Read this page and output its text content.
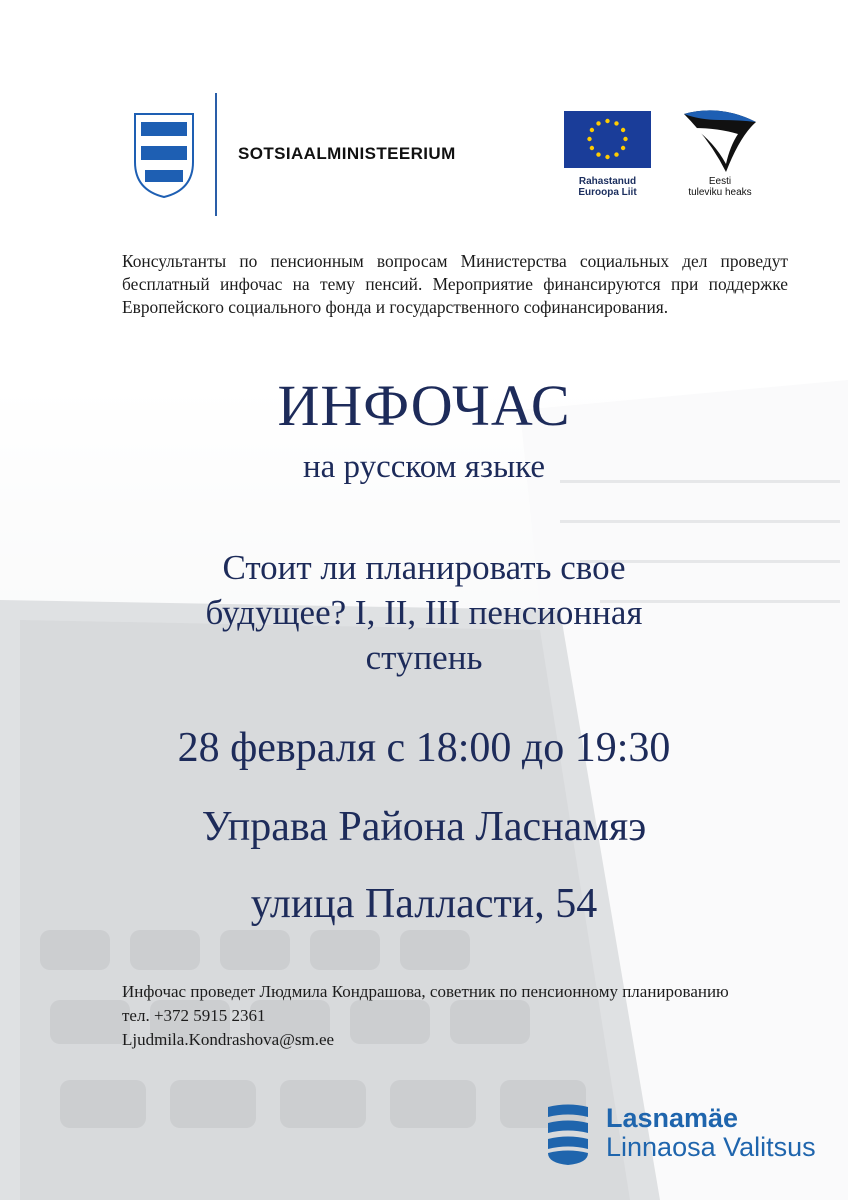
SOTSIAALMINISTEERIUM
Rahastanud
Euroopa Liit
Eesti
tuleviku heaks
Консультанты по пенсионным вопросам Министерства социальных дел проведут бесплатный инфочас на тему пенсий. Мероприятие финансируются при поддержке Европейского социального фонда и государственного софинансирования.
ИНФОЧАС
на русском языке
Стоит ли планировать свое
будущее? I, II, III пенсионная
ступень
28 февраля с 18:00 до 19:30
Управа Района Ласнамяэ
улица Палласти, 54
Инфочас проведет Людмила Кондрашова, советник по пенсионному планированию
тел. +372 5915 2361
Ljudmila.Kondrashova@sm.ee
Lasnamäe
Linnaosa Valitsus
